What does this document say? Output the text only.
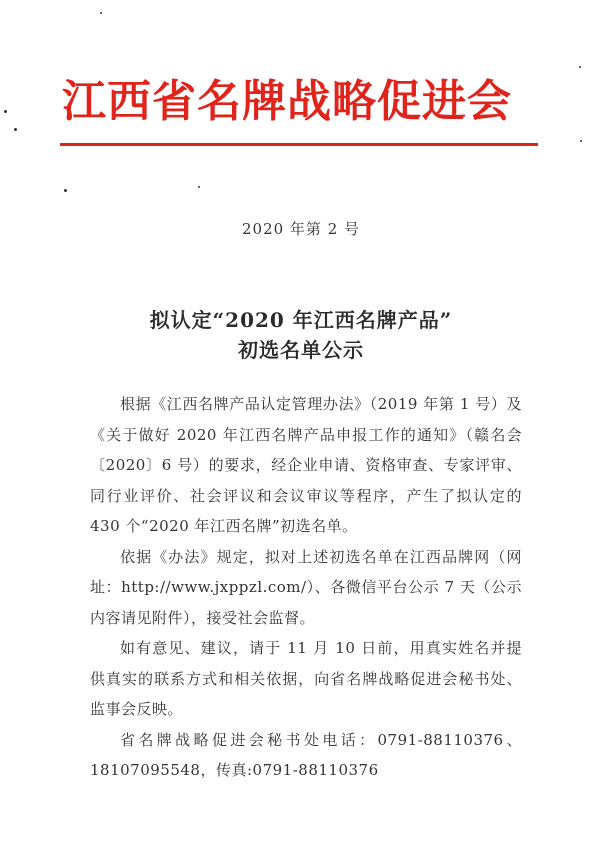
江西省名牌战略促进会
2020 年第 2 号
拟认定“2020 年江西名牌产品”
初选名单公示

根据《江西名牌产品认定管理办法》（2019 年第 1 号）及《关于做好 2020 年江西名牌产品申报工作的通知》（赣名会〔2020〕6 号）的要求，经企业申请、资格审查、专家评审、同行业评价、社会评议和会议审议等程序，产生了拟认定的 430 个“2020 年江西名牌”初选名单。

依据《办法》规定，拟对上述初选名单在江西品牌网（网址：http://www.jxppzl.com/）、各微信平台公示 7 天（公示内容请见附件），接受社会监督。

如有意见、建议，请于 11 月 10 日前，用真实姓名并提供真实的联系方式和相关依据，向省名牌战略促进会秘书处、监事会反映。

省名牌战略促进会秘书处电话：0791-88110376、18107095548，传真:0791-88110376
